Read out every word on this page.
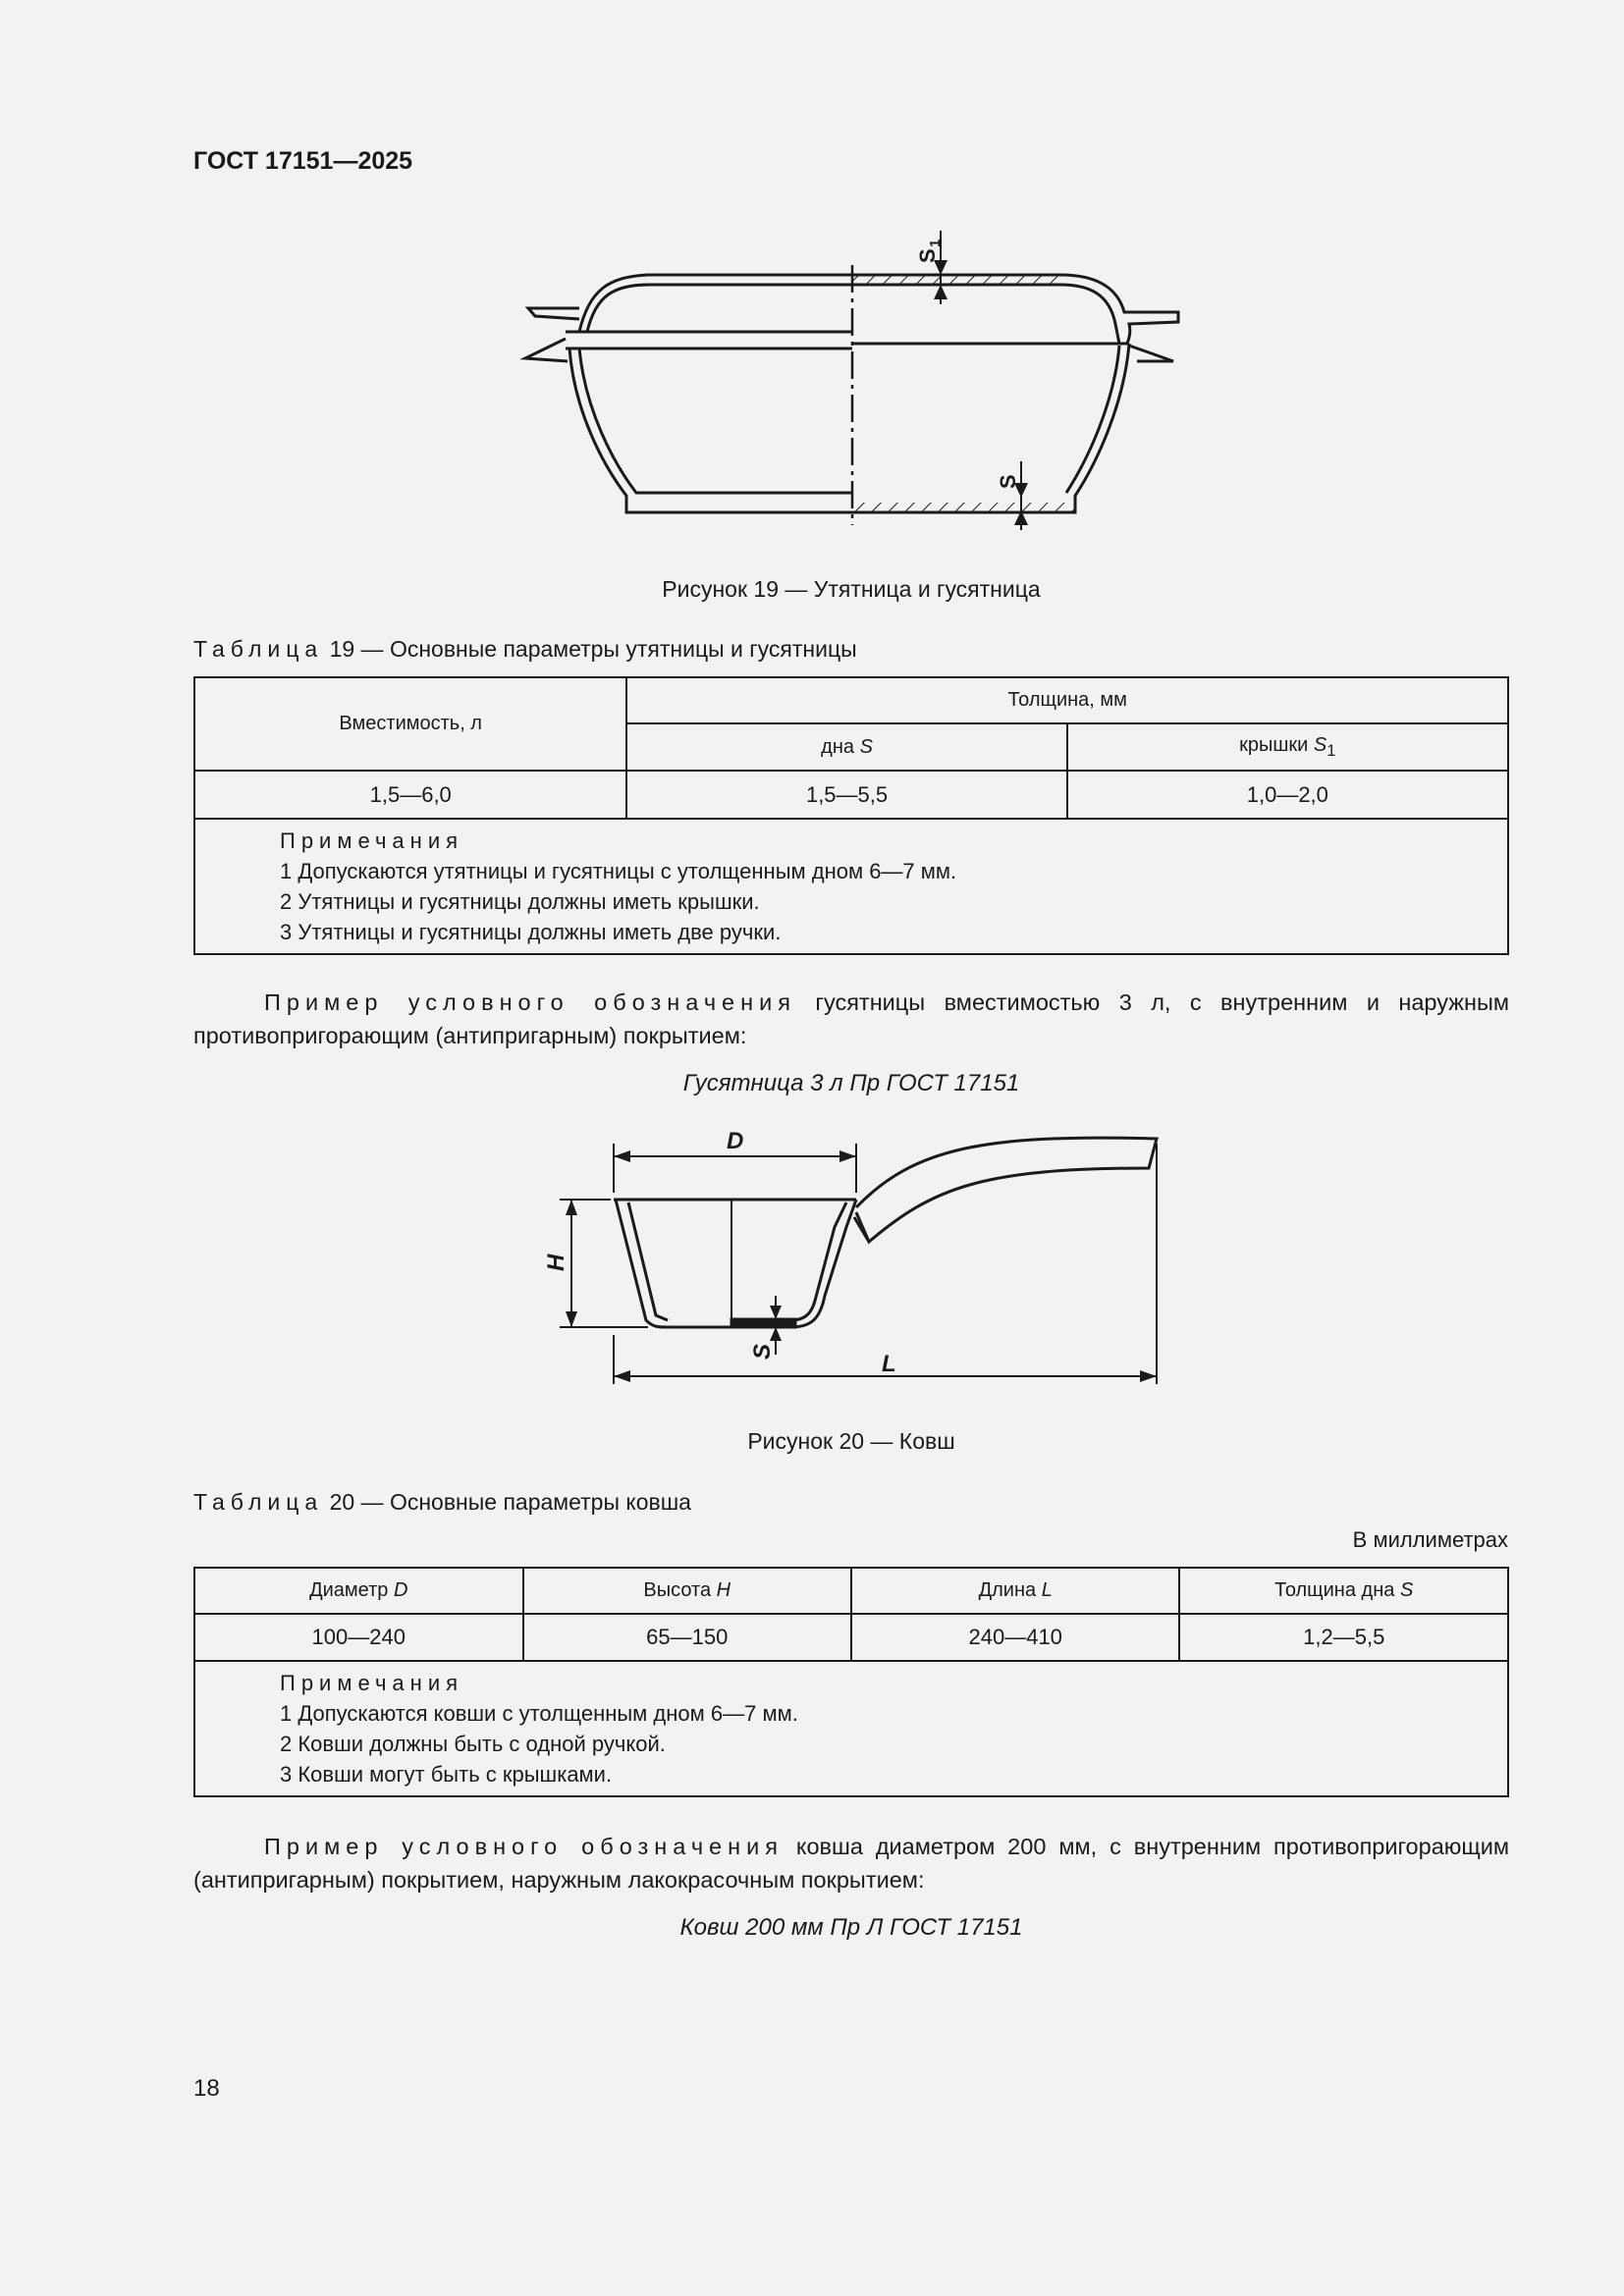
ГОСТ 17151—2025
S
1
S
Рисунок 19 — Утятница и гусятница
Таблица 19 — Основные параметры утятницы и гусятницы
Вместимость, л	Толщина, мм	
	дна S	крышки $S_1$
1,5—6,0	1,5—5,5	1,0—2,0

Примечания
1 Допускаются утятницы и гусятницы с утолщенным дном 6—7 мм.
2 Утятницы и гусятницы должны иметь крышки.
3 Утятницы и гусятницы должны иметь две ручки.		
Пример условного обозначения гусятницы вместимостью 3 л, с внутренним и наружным противопригорающим (антипригарным) покрытием:
Гусятница 3 л Пр ГОСТ 17151
D
H
S	L
Рисунок 20 — Ковш
Таблица 20 — Основные параметры ковша
В миллиметрах
Диаметр D	Высота H	Длина L	Толщина дна S
100—240	65—150	240—410	1,2—5,5

Примечания
1 Допускаются ковши с утолщенным дном 6—7 мм.
2 Ковши должны быть с одной ручкой.
3 Ковши могут быть с крышками.			
Пример условного обозначения ковша диаметром 200 мм, с внутренним противопригорающим (антипригарным) покрытием, наружным лакокрасочным покрытием:
Ковш 200 мм Пр Л ГОСТ 17151
18
